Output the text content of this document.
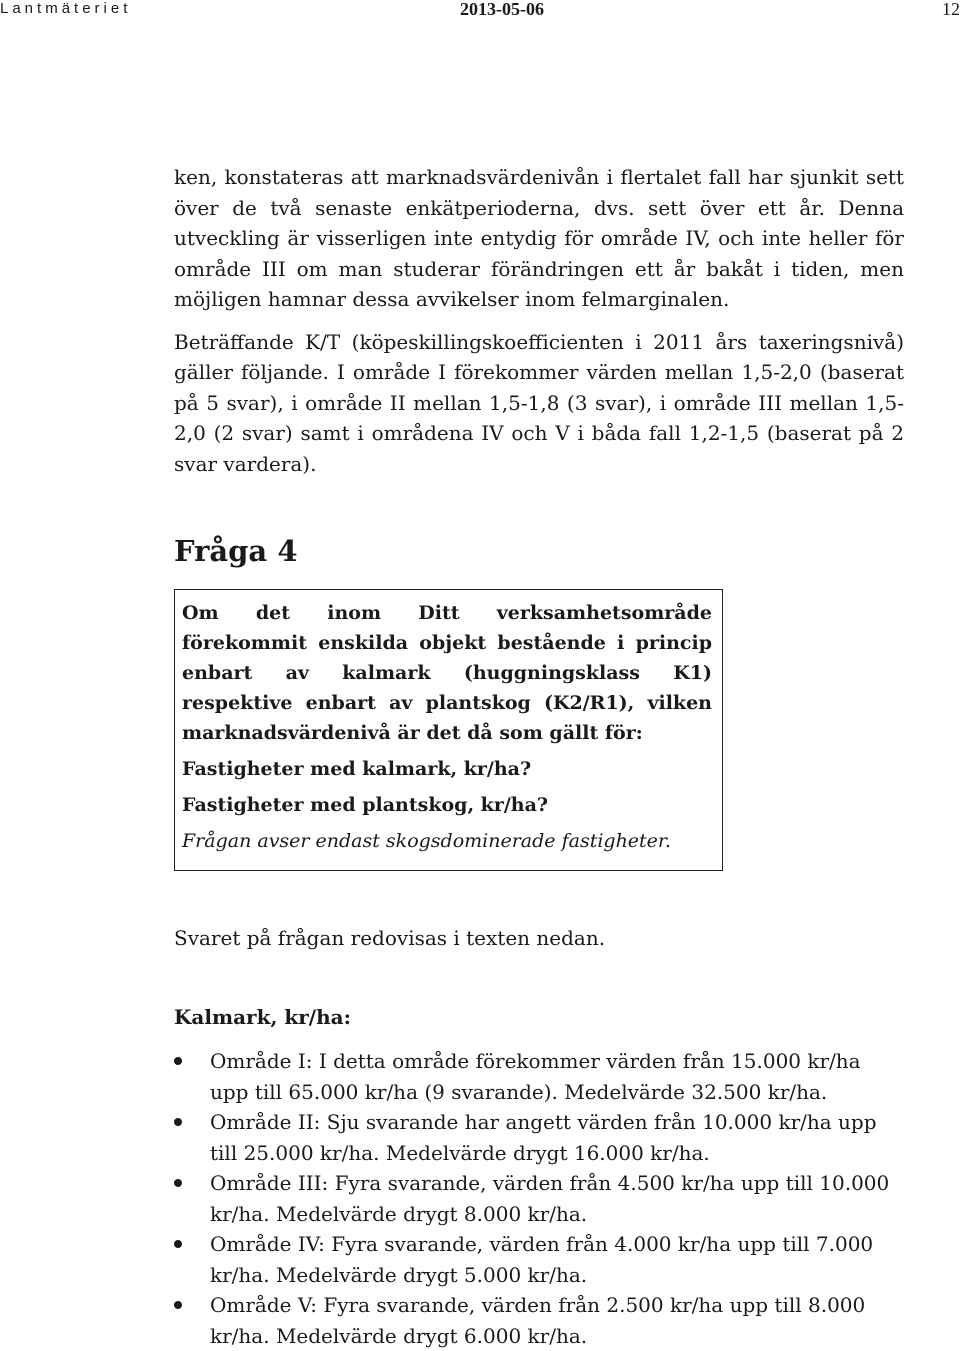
Lantmäteriet	2013-05-06	12

ken, konstateras att marknadsvärdenivån i flertalet fall har sjunkit sett över de två senaste enkätperioderna, dvs. sett över ett år. Denna utveckling är visserligen inte entydig för område IV, och inte heller för område III om man studerar förändringen ett år bakåt i tiden, men möjligen hamnar dessa avvikelser inom felmarginalen.

Beträffande K/T (köpeskillingskoefficienten i 2011 års taxeringsnivå) gäller följande. I område I förekommer värden mellan 1,5-2,0 (baserat på 5 svar), i område II mellan 1,5-1,8 (3 svar), i område III mellan 1,5-2,0 (2 svar) samt i områdena IV och V i båda fall 1,2-1,5 (baserat på 2 svar vardera).

Fråga 4

Om det inom Ditt verksamhetsområde förekommit enskilda objekt bestående i princip enbart av kalmark (huggningsklass K1) respektive enbart av plantskog (K2/R1), vilken marknadsvärdenivå är det då som gällt för:

Fastigheter med kalmark, kr/ha?

Fastigheter med plantskog, kr/ha?

Frågan avser endast skogsdominerade fastigheter.

Svaret på frågan redovisas i texten nedan.

Kalmark, kr/ha:

Område I: I detta område förekommer värden från 15.000 kr/ha upp till 65.000 kr/ha (9 svarande). Medelvärde 32.500 kr/ha.
Område II: Sju svarande har angett värden från 10.000 kr/ha upp till 25.000 kr/ha. Medelvärde drygt 16.000 kr/ha.
Område III: Fyra svarande, värden från 4.500 kr/ha upp till 10.000 kr/ha. Medelvärde drygt 8.000 kr/ha.
Område IV: Fyra svarande, värden från 4.000 kr/ha upp till 7.000 kr/ha. Medelvärde drygt 5.000 kr/ha.
Område V: Fyra svarande, värden från 2.500 kr/ha upp till 8.000 kr/ha. Medelvärde drygt 6.000 kr/ha.
